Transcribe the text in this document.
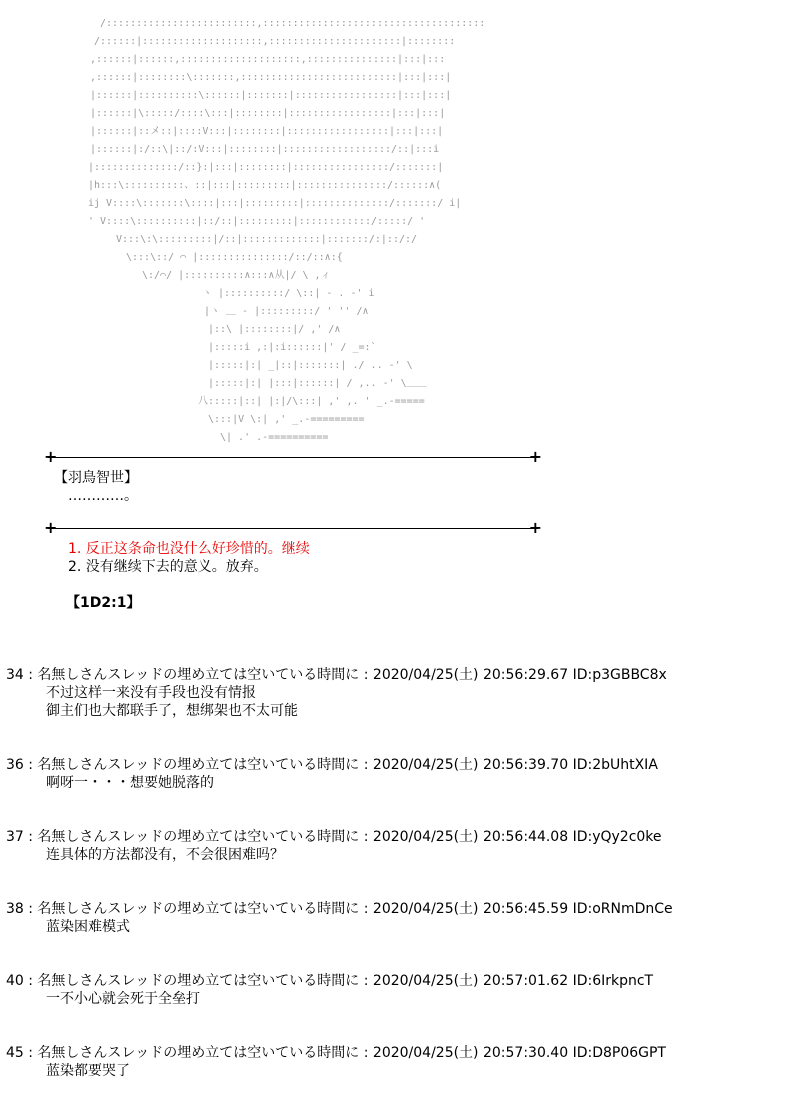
/:::::::::::::::::::::::::,:::::::::::::::::::::::::::::::::::::
/::::::|::::::::::::::::::::,::::::::::::::::::::::|::::::::
,::::::|::::::,::::::::::::::::::::,:::::::::::::::|:::|:::
,::::::|::::::::\:::::::,::::::::::::::::::::::::::|:::|:::|
|::::::|::::::::::\::::::|:::::::|:::::::::::::::::|:::|:::|
|::::::|\:::::/::::\:::|::::::::|:::::::::::::::::|:::|:::|
|::::::|::メ::|::::V:::|::::::::|:::::::::::::::::|:::|:::|
|::::::|:/::\|::/:V:::|::::::::|::::::::::::::::::/::|:::i
|::::::::::::::/::}:|:::|::::::::|::::::::::::::::/:::::::|
|h:::\::::::::::、::|:::|:::::::::|:::::::::::::::/::::::∧(
ij V::::\:::::::\::::|:::|:::::::::|::::::::::::::/:::::::/ i|
' V::::\::::::::::|::/::|:::::::::|::::::::::::/:::::/ '
V:::\:\:::::::::|/::|:::::::::::::|:::::::/:|::/:/
\:::\::/ ⌒ |:::::::::::::::/::/::∧:{
\:/⌒/ |::::::::::∧:::∧从|/ \ ,ィ
ヽ |::::::::::/ \::| - . -' i
|ヽ ＿ - |:::::::::/ ' '' /∧
|::\ |::::::::|/ ,' /∧
|:::::i ,:|:i::::::|' / _=:`
|:::::|:| _|::|:::::::| ./ .. -' \
|:::::|:| |:::|::::::| / ,.. -' \＿＿
八:::::|::| |:|/\:::| ,' ,. ' _.-=====
\:::|V \:| ,' _.-=========
\| .' .-==========
+	+
【羽鳥智世】
…………。
+	+
1. 反正这条命也没什么好珍惜的。继续
2. 没有继续下去的意义。放弃。
【1D2:1】
34 : 名無しさんスレッドの埋め立ては空いている時間に : 2020/04/25(土) 20:56:29.67 ID:p3GBBC8x
不过这样一来没有手段也没有情报
御主们也大都联手了，想绑架也不太可能
36 : 名無しさんスレッドの埋め立ては空いている時間に : 2020/04/25(土) 20:56:39.70 ID:2bUhtXIA
啊呀一・・・想要她脱落的
37 : 名無しさんスレッドの埋め立ては空いている時間に : 2020/04/25(土) 20:56:44.08 ID:yQy2c0ke
连具体的方法都没有，不会很困难吗？
38 : 名無しさんスレッドの埋め立ては空いている時間に : 2020/04/25(土) 20:56:45.59 ID:oRNmDnCe
蓝染困难模式
40 : 名無しさんスレッドの埋め立ては空いている時間に : 2020/04/25(土) 20:57:01.62 ID:6IrkpncT
一不小心就会死于全垒打
45 : 名無しさんスレッドの埋め立ては空いている時間に : 2020/04/25(土) 20:57:30.40 ID:D8P06GPT
蓝染都要哭了
